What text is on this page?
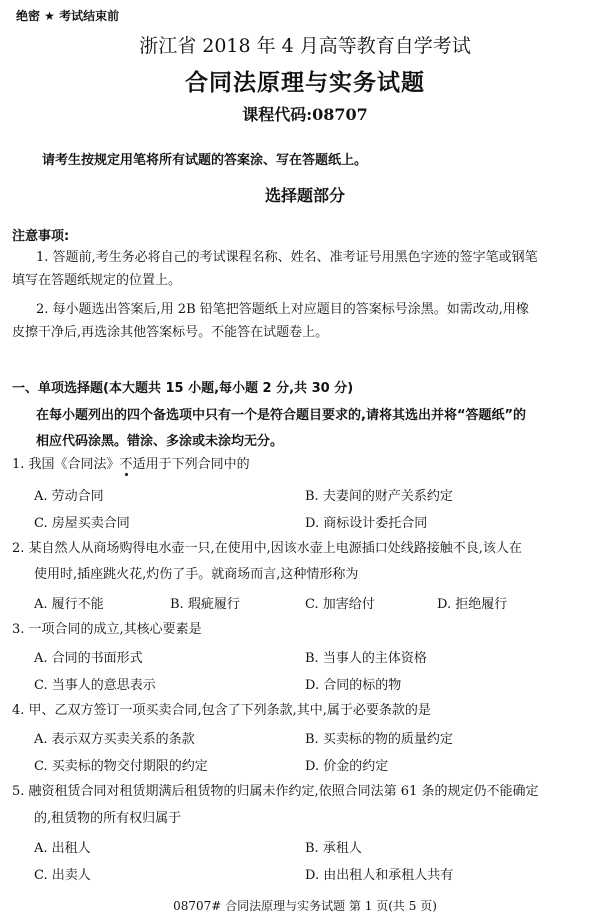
绝密 ★ 考试结束前
浙江省 2018 年 4 月高等教育自学考试
合同法原理与实务试题
课程代码:08707
请考生按规定用笔将所有试题的答案涂、写在答题纸上。
选择题部分
注意事项:
1. 答题前,考生务必将自己的考试课程名称、姓名、准考证号用黑色字迹的签字笔或钢笔
填写在答题纸规定的位置上。
2. 每小题选出答案后,用 2B 铅笔把答题纸上对应题目的答案标号涂黑。如需改动,用橡
皮擦干净后,再选涂其他答案标号。不能答在试题卷上。
一、单项选择题(本大题共 15 小题,每小题 2 分,共 30 分)
在每小题列出的四个备选项中只有一个是符合题目要求的,请将其选出并将“答题纸”的
相应代码涂黑。错涂、多涂或未涂均无分。
1. 我国《合同法》不适用于下列合同中的
A. 劳动合同	B. 夫妻间的财产关系约定
C. 房屋买卖合同	D. 商标设计委托合同
2. 某自然人从商场购得电水壶一只,在使用中,因该水壶上电源插口处线路接触不良,该人在
使用时,插座跳火花,灼伤了手。就商场而言,这种情形称为
A. 履行不能	B. 瑕疵履行	C. 加害给付	D. 拒绝履行
3. 一项合同的成立,其核心要素是
A. 合同的书面形式	B. 当事人的主体资格
C. 当事人的意思表示	D. 合同的标的物
4. 甲、乙双方签订一项买卖合同,包含了下列条款,其中,属于必要条款的是
A. 表示双方买卖关系的条款	B. 买卖标的物的质量约定
C. 买卖标的物交付期限的约定	D. 价金的约定
5. 融资租赁合同对租赁期满后租赁物的归属未作约定,依照合同法第 61 条的规定仍不能确定
的,租赁物的所有权归属于
A. 出租人	B. 承租人
C. 出卖人	D. 由出租人和承租人共有
08707# 合同法原理与实务试题 第 1 页(共 5 页)
